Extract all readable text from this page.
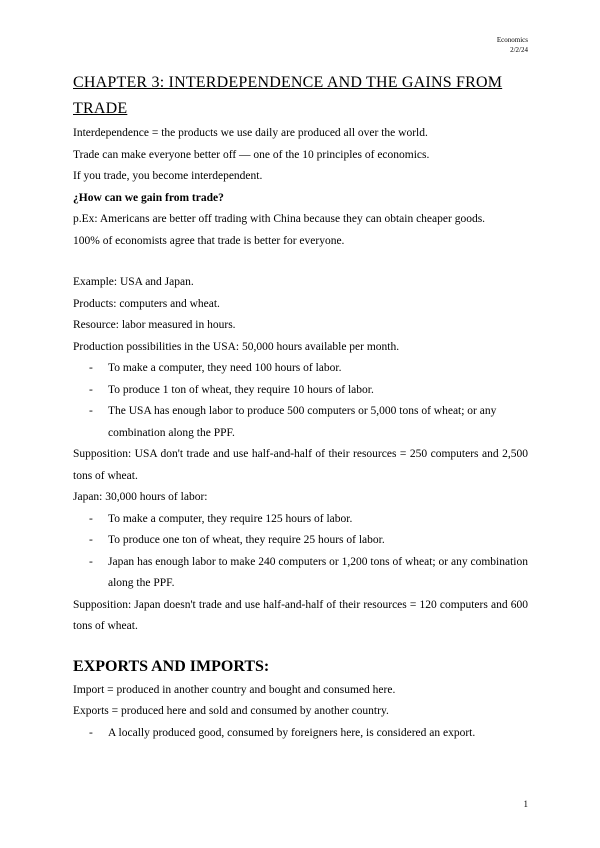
Economics
2/2/24
CHAPTER 3: INTERDEPENDENCE AND THE GAINS FROM TRADE

Interdependence = the products we use daily are produced all over the world.

Trade can make everyone better off — one of the 10 principles of economics.

If you trade, you become interdependent.

¿How can we gain from trade?

p.Ex: Americans are better off trading with China because they can obtain cheaper goods.

100% of economists agree that trade is better for everyone.

Example: USA and Japan.

Products: computers and wheat.

Resource: labor measured in hours.

Production possibilities in the USA: 50,000 hours available per month.

- To make a computer, they need 100 hours of labor.
- To produce 1 ton of wheat, they require 10 hours of labor.
- The USA has enough labor to produce 500 computers or 5,000 tons of wheat; or any combination along the PPF.

Supposition: USA don't trade and use half-and-half of their resources = 250 computers and 2,500 tons of wheat.

Japan: 30,000 hours of labor:

- To make a computer, they require 125 hours of labor.
- To produce one ton of wheat, they require 25 hours of labor.
- Japan has enough labor to make 240 computers or 1,200 tons of wheat; or any combination along the PPF.

Supposition: Japan doesn't trade and use half-and-half of their resources = 120 computers and 600 tons of wheat.

EXPORTS AND IMPORTS:

Import = produced in another country and bought and consumed here.

Exports = produced here and sold and consumed by another country.

- A locally produced good, consumed by foreigners here, is considered an export.
1
